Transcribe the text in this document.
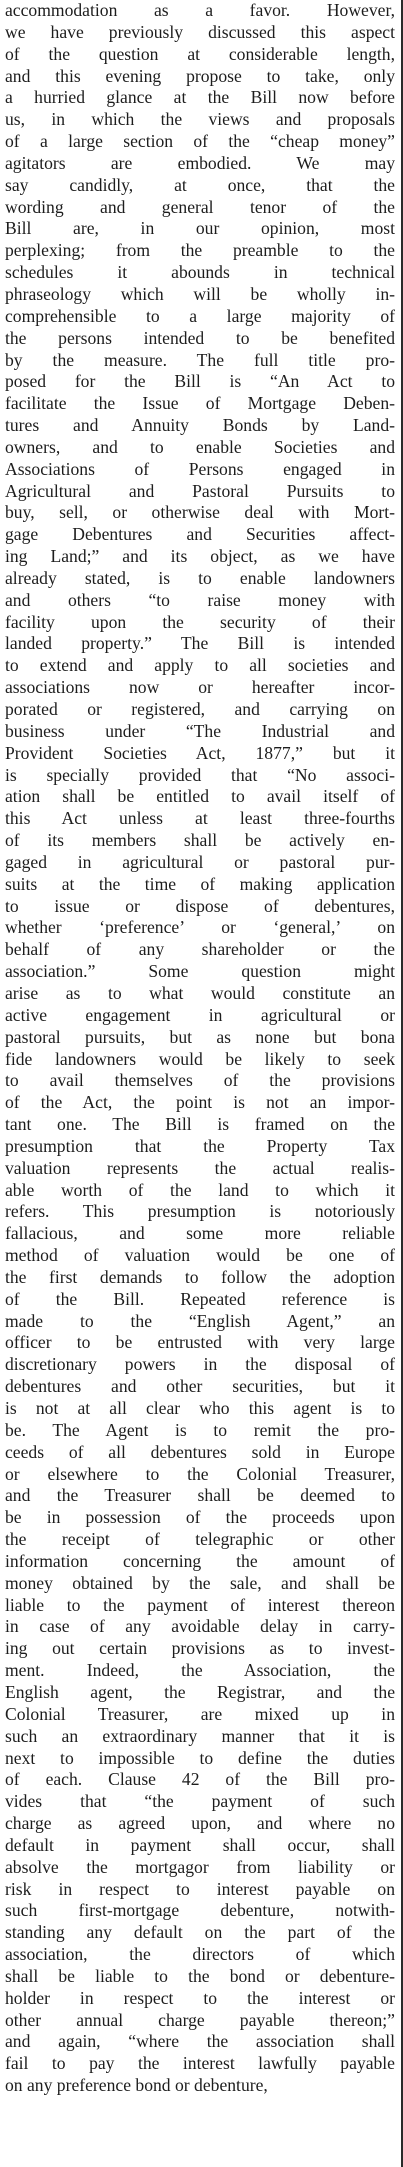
accommodation as a favor. However,
we have previously discussed this aspect
of the question at considerable length,
and this evening propose to take, only
a hurried glance at the Bill now before
us, in which the views and proposals
of a large section of the “cheap money”
agitators are embodied. We may
say candidly, at once, that the
wording and general tenor of the
Bill are, in our opinion, most
perplexing; from the preamble to the
schedules it abounds in technical
phraseology which will be wholly in-
comprehensible to a large majority of
the persons intended to be benefited
by the measure. The full title pro-
posed for the Bill is “An Act to
facilitate the Issue of Mortgage Deben-
tures and Annuity Bonds by Land-
owners, and to enable Societies and
Associations of Persons engaged in
Agricultural and Pastoral Pursuits to
buy, sell, or otherwise deal with Mort-
gage Debentures and Securities affect-
ing Land;” and its object, as we have
already stated, is to enable landowners
and others “to raise money with
facility upon the security of their
landed property.” The Bill is intended
to extend and apply to all societies and
associations now or hereafter incor-
porated or registered, and carrying on
business under “The Industrial and
Provident Societies Act, 1877,” but it
is specially provided that “No associ-
ation shall be entitled to avail itself of
this Act unless at least three-fourths
of its members shall be actively en-
gaged in agricultural or pastoral pur-
suits at the time of making application
to issue or dispose of debentures,
whether ‘preference’ or ‘general,’ on
behalf of any shareholder or the
association.” Some question might
arise as to what would constitute an
active engagement in agricultural or
pastoral pursuits, but as none but bona
fide landowners would be likely to seek
to avail themselves of the provisions
of the Act, the point is not an impor-
tant one. The Bill is framed on the
presumption that the Property Tax
valuation represents the actual realis-
able worth of the land to which it
refers. This presumption is notoriously
fallacious, and some more reliable
method of valuation would be one of
the first demands to follow the adoption
of the Bill. Repeated reference is
made to the “English Agent,” an
officer to be entrusted with very large
discretionary powers in the disposal of
debentures and other securities, but it
is not at all clear who this agent is to
be. The Agent is to remit the pro-
ceeds of all debentures sold in Europe
or elsewhere to the Colonial Treasurer,
and the Treasurer shall be deemed to
be in possession of the proceeds upon
the receipt of telegraphic or other
information concerning the amount of
money obtained by the sale, and shall be
liable to the payment of interest thereon
in case of any avoidable delay in carry-
ing out certain provisions as to invest-
ment. Indeed, the Association, the
English agent, the Registrar, and the
Colonial Treasurer, are mixed up in
such an extraordinary manner that it is
next to impossible to define the duties
of each. Clause 42 of the Bill pro-
vides that “the payment of such
charge as agreed upon, and where no
default in payment shall occur, shall
absolve the mortgagor from liability or
risk in respect to interest payable on
such first-mortgage debenture, notwith-
standing any default on the part of the
association, the directors of which
shall be liable to the bond or debenture-
holder in respect to the interest or
other annual charge payable thereon;”
and again, “where the association shall
fail to pay the interest lawfully payable
on any preference bond or debenture,
